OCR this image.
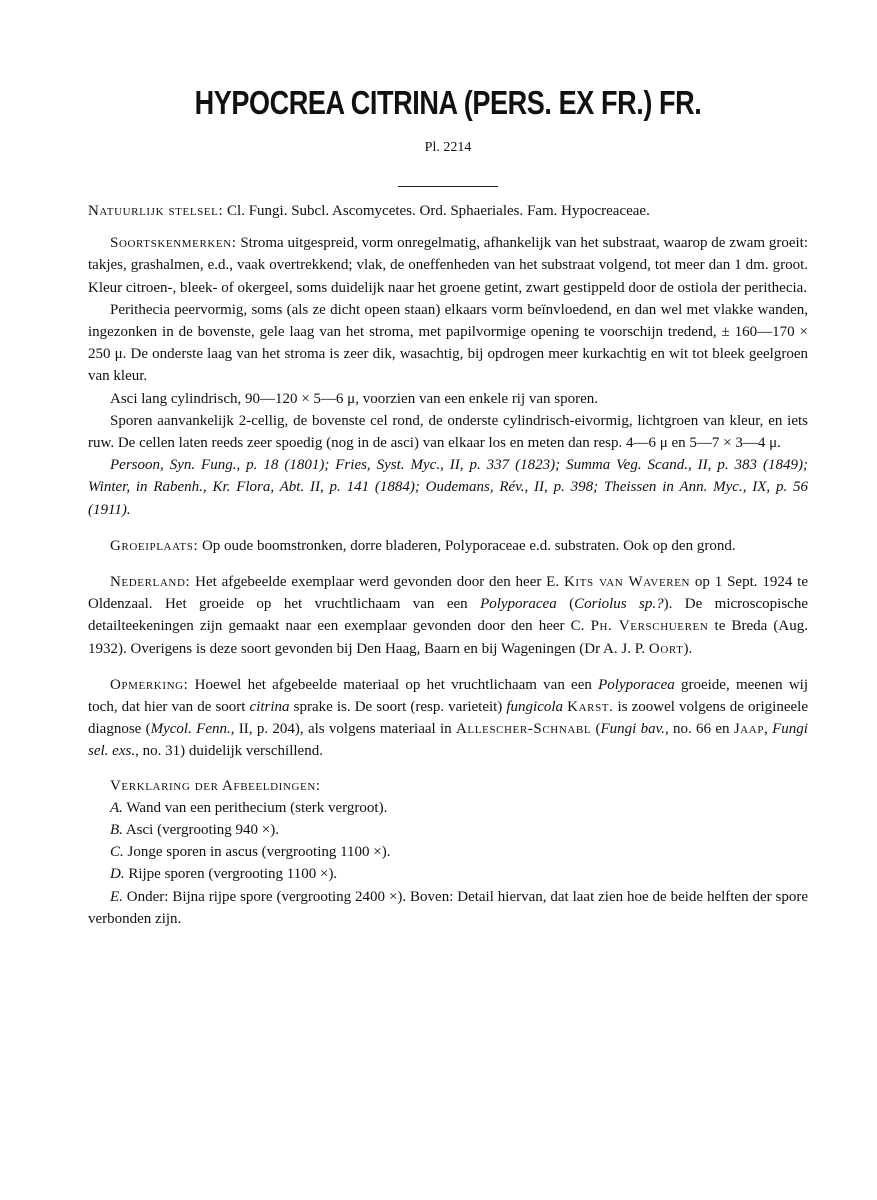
HYPOCREA CITRINA (PERS. EX FR.) FR.
Pl. 2214

Natuurlijk stelsel: Cl. Fungi. Subcl. Ascomycetes. Ord. Sphaeriales. Fam. Hypocreaceae.

Soortskenmerken: Stroma uitgespreid, vorm onregelmatig, afhankelijk van het substraat, waarop de zwam groeit: takjes, grashalmen, e.d., vaak overtrekkend; vlak, de oneffenheden van het substraat volgend, tot meer dan 1 dm. groot. Kleur citroen-, bleek- of okergeel, soms duidelijk naar het groene getint, zwart gestippeld door de ostiola der perithecia.

Perithecia peervormig, soms (als ze dicht opeen staan) elkaars vorm beïnvloedend, en dan wel met vlakke wanden, ingezonken in de bovenste, gele laag van het stroma, met papilvormige opening te voorschijn tredend, ± 160—170 × 250 μ. De onderste laag van het stroma is zeer dik, wasachtig, bij opdrogen meer kurkachtig en wit tot bleek geelgroen van kleur.

Asci lang cylindrisch, 90—120 × 5—6 μ, voorzien van een enkele rij van sporen.

Sporen aanvankelijk 2-cellig, de bovenste cel rond, de onderste cylindrisch-eivormig, lichtgroen van kleur, en iets ruw. De cellen laten reeds zeer spoedig (nog in de asci) van elkaar los en meten dan resp. 4—6 μ en 5—7 × 3—4 μ.

Persoon, Syn. Fung., p. 18 (1801); Fries, Syst. Myc., II, p. 337 (1823); Summa Veg. Scand., II, p. 383 (1849); Winter, in Rabenh., Kr. Flora, Abt. II, p. 141 (1884); Oudemans, Rév., II, p. 398; Theissen in Ann. Myc., IX, p. 56 (1911).

Groeiplaats: Op oude boomstronken, dorre bladeren, Polyporaceae e.d. substraten. Ook op den grond.

Nederland: Het afgebeelde exemplaar werd gevonden door den heer E. Kits van Waveren op 1 Sept. 1924 te Oldenzaal. Het groeide op het vruchtlichaam van een Polyporacea (Coriolus sp.?). De microscopische detailteekeningen zijn gemaakt naar een exemplaar gevonden door den heer C. Ph. Verschueren te Breda (Aug. 1932). Overigens is deze soort gevonden bij Den Haag, Baarn en bij Wageningen (Dr A. J. P. Oort).

Opmerking: Hoewel het afgebeelde materiaal op het vruchtlichaam van een Polyporacea groeide, meenen wij toch, dat hier van de soort citrina sprake is. De soort (resp. varieteit) fungicola Karst. is zoowel volgens de origineele diagnose (Mycol. Fenn., II, p. 204), als volgens materiaal in Allescher-Schnabl (Fungi bav., no. 66 en Jaap, Fungi sel. exs., no. 31) duidelijk verschillend.

Verklaring der Afbeeldingen:

A. Wand van een perithecium (sterk vergroot).

B. Asci (vergrooting 940 ×).

C. Jonge sporen in ascus (vergrooting 1100 ×).

D. Rijpe sporen (vergrooting 1100 ×).

E. Onder: Bijna rijpe spore (vergrooting 2400 ×). Boven: Detail hiervan, dat laat zien hoe de beide helften der spore verbonden zijn.
